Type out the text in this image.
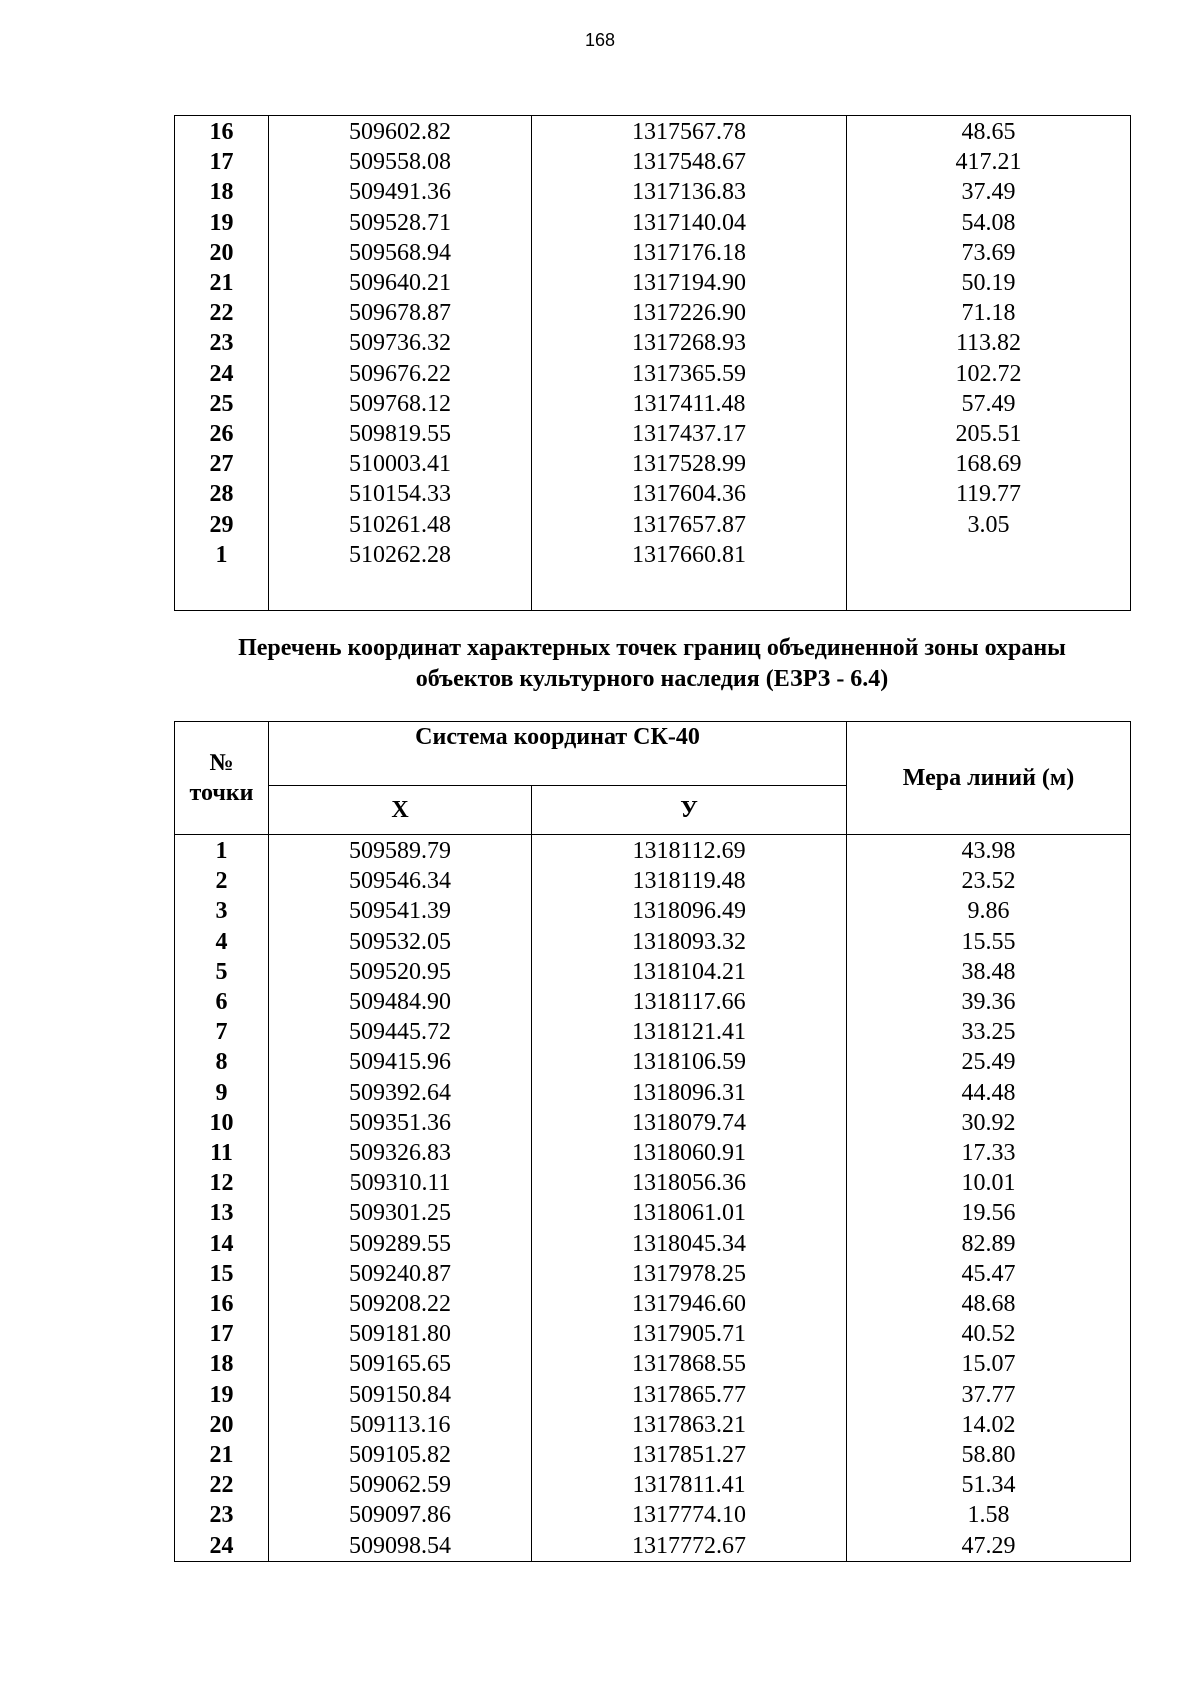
168
16	509602.82	1317567.78	48.65
17	509558.08	1317548.67	417.21
18	509491.36	1317136.83	37.49
19	509528.71	1317140.04	54.08
20	509568.94	1317176.18	73.69
21	509640.21	1317194.90	50.19
22	509678.87	1317226.90	71.18
23	509736.32	1317268.93	113.82
24	509676.22	1317365.59	102.72
25	509768.12	1317411.48	57.49
26	509819.55	1317437.17	205.51
27	510003.41	1317528.99	168.69
28	510154.33	1317604.36	119.77
29	510261.48	1317657.87	3.05
1	510262.28	1317660.81	

Перечень координат характерных точек границ объединенной зоны охраны
объектов культурного наследия (ЕЗРЗ - 6.4)
№
точки	Система координат СК-40		Мера линий (м)
	X	У	
1	509589.79	1318112.69	43.98
2	509546.34	1318119.48	23.52
3	509541.39	1318096.49	9.86
4	509532.05	1318093.32	15.55
5	509520.95	1318104.21	38.48
6	509484.90	1318117.66	39.36
7	509445.72	1318121.41	33.25
8	509415.96	1318106.59	25.49
9	509392.64	1318096.31	44.48
10	509351.36	1318079.74	30.92
11	509326.83	1318060.91	17.33
12	509310.11	1318056.36	10.01
13	509301.25	1318061.01	19.56
14	509289.55	1318045.34	82.89
15	509240.87	1317978.25	45.47
16	509208.22	1317946.60	48.68
17	509181.80	1317905.71	40.52
18	509165.65	1317868.55	15.07
19	509150.84	1317865.77	37.77
20	509113.16	1317863.21	14.02
21	509105.82	1317851.27	58.80
22	509062.59	1317811.41	51.34
23	509097.86	1317774.10	1.58
24	509098.54	1317772.67	47.29
